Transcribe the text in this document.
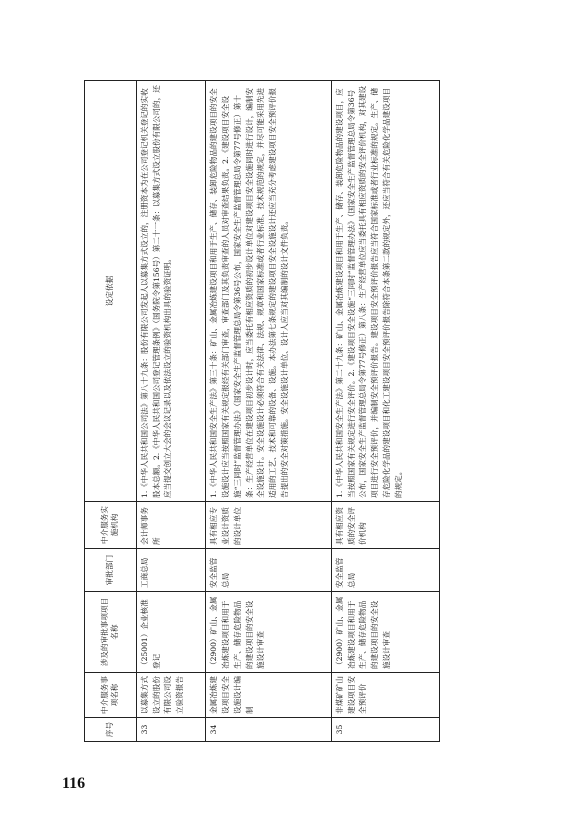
116
序号	中介服务事项名称	涉及的审批事项项目名称	审批部门	中介服务实施机构	设定依据
33	以募集方式设立的股份有限公司设立验资报告	（25001）企业核准登记	工商总局	会计师事务所	1.《中华人民共和国公司法》第八十九条：股份有限公司发起人以募集方式设立的，注册资本为在公司登记机关登记的实收股本总额。2.《中华人民共和国公司登记管理条例》（国务院令第156号）第二十一条：以募集方式设立股份有限公司的，还应当提交创立大会的会议记录以及依法设立的验资机构出具的验资证明。
34	金属冶炼建设项目安全设施设计编制	（2900）矿山、金属冶炼建设项目和用于生产、储存危险物品的建设项目的安全设施设计审查	安全监管总局	具有相应专业设计资质的设计单位	1.《中华人民共和国安全生产法》第三十条：矿山、金属冶炼建设项目和用于生产、储存、装卸危险物品的建设项目的安全设施设计应当按照国家有关规定报经有关部门审查，审查部门及其负责审查的人员对审查结果负责。2.《建设项目安全设施“三同时”监督管理办法》（国家安全生产监督管理总局令第36号公布，国家安全生产监督管理总局令第77号修正）第十条：生产经营单位在建设项目初步设计时，应当委托有相应资质的初步设计单位对建设项目安全设施同时进行设计，编制安全设施设计。安全设施设计必须符合有关法律、法规、规章和国家标准或者行业标准、技术规范的规定，并尽可能采用先进适用的工艺、技术和可靠的设备、设施。本办法第七条规定的建设项目安全设施设计还应当充分考虑建设项目安全预评价报告提出的安全对策措施。安全设施设计单位、设计人应当对其编制的设计文件负责。
35	非煤矿矿山建设项目安全预评价	（2900）矿山、金属冶炼建设项目和用于生产、储存危险物品的建设项目的安全设施设计审查	安全监管总局	具有相应资质的安全评价机构	1.《中华人民共和国安全生产法》第二十九条：矿山、金属冶炼建设项目和用于生产、储存、装卸危险物品的建设项目，应当按照国家有关规定进行安全评价。2.《建设项目安全设施“三同时”监督管理办法》（国家安全生产监督管理总局令第36号公布，国家安全生产监督管理总局令第77号修正）第八条：生产经营单位应当委托具有相应资质的安全评价机构，对其建设项目进行安全预评价，并编制安全预评价报告。建设项目安全预评价报告应当符合国家标准或者行业标准的规定。生产、储存危险化学品的建设项目和化工建设项目安全预评价报告除符合本条第二款的规定外，还应当符合有关危险化学品建设项目的规定。
